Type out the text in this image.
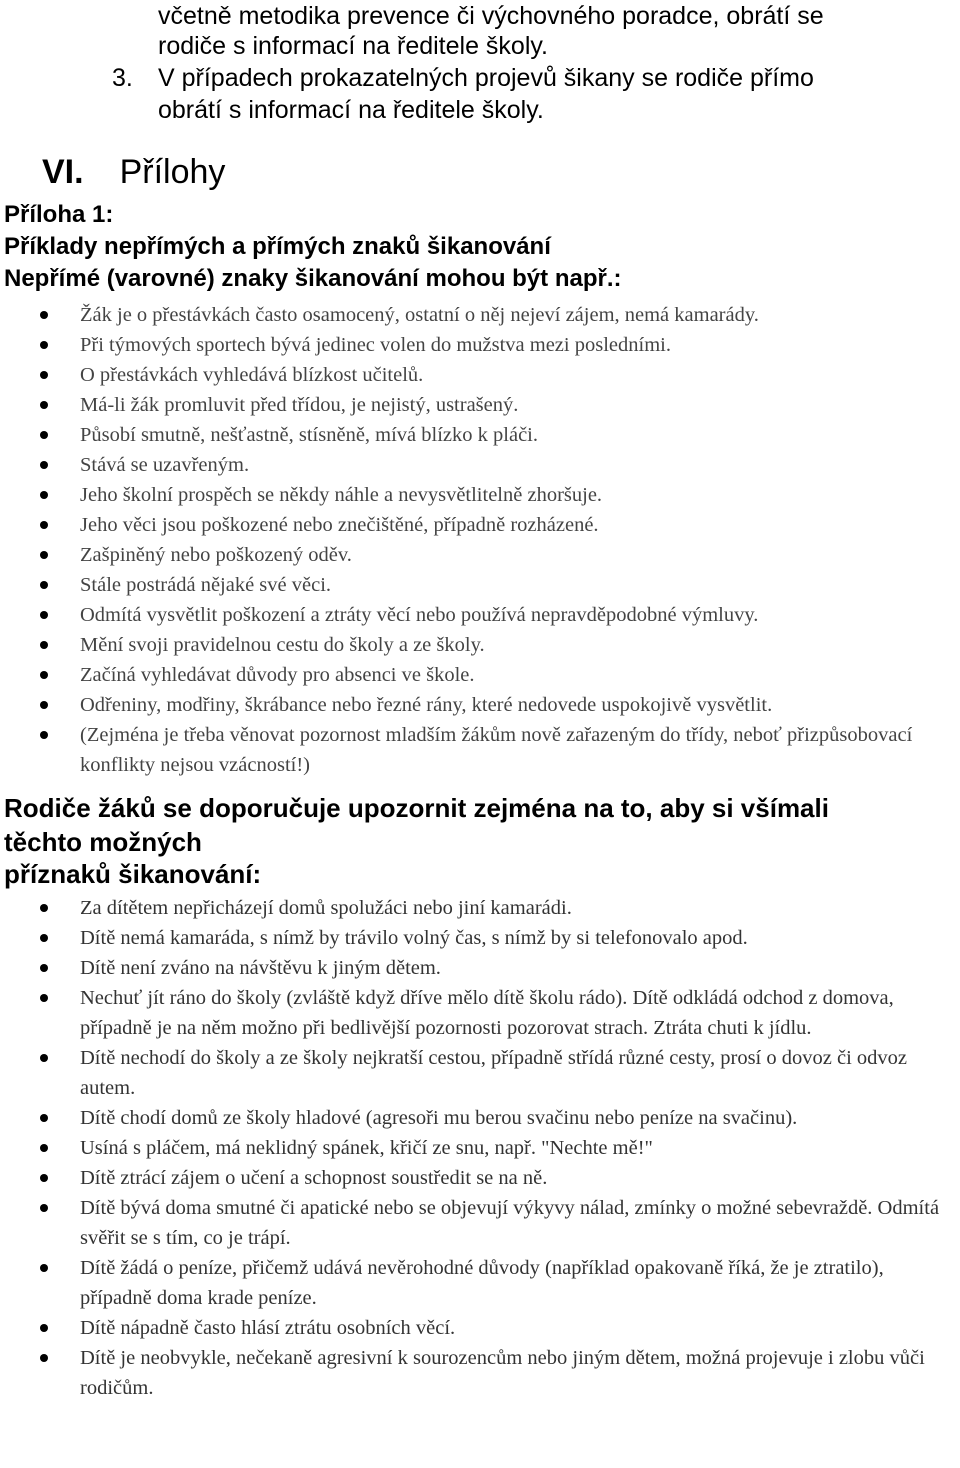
včetně metodika prevence či výchovného poradce, obrátí se
rodiče s informací na ředitele školy.
3. V případech prokazatelných projevů šikany se rodiče přímo
obrátí s informací na ředitele školy.
VI. Přílohy
Příloha 1:
Příklady nepřímých a přímých znaků šikanování
Nepřímé (varovné) znaky šikanování mohou být např.:
Žák je o přestávkách často osamocený, ostatní o něj nejeví zájem, nemá kamarády.
Při týmových sportech bývá jedinec volen do mužstva mezi posledními.
O přestávkách vyhledává blízkost učitelů.
Má-li žák promluvit před třídou, je nejistý, ustrašený.
Působí smutně, nešťastně, stísněně, mívá blízko k pláči.
Stává se uzavřeným.
Jeho školní prospěch se někdy náhle a nevysvětlitelně zhoršuje.
Jeho věci jsou poškozené nebo znečištěné, případně rozházené.
Zašpiněný nebo poškozený oděv.
Stále postrádá nějaké své věci.
Odmítá vysvětlit poškození a ztráty věcí nebo používá nepravděpodobné výmluvy.
Mění svoji pravidelnou cestu do školy a ze školy.
Začíná vyhledávat důvody pro absenci ve škole.
Odřeniny, modřiny, škrábance nebo řezné rány, které nedovede uspokojivě vysvětlit.
(Zejména je třeba věnovat pozornost mladším žákům nově zařazeným do třídy, neboť přizpůsobovací konflikty nejsou vzácností!)
Rodiče žáků se doporučuje upozornit zejména na to, aby si všímali
těchto možných
příznaků šikanování:
Za dítětem nepřicházejí domů spolužáci nebo jiní kamarádi.
Dítě nemá kamaráda, s nímž by trávilo volný čas, s nímž by si telefonovalo apod.
Dítě není zváno na návštěvu k jiným dětem.
Nechuť jít ráno do školy (zvláště když dříve mělo dítě školu rádo). Dítě odkládá odchod z domova, případně je na něm možno při bedlivější pozornosti pozorovat strach. Ztráta chuti k jídlu.
Dítě nechodí do školy a ze školy nejkratší cestou, případně střídá různé cesty, prosí o dovoz či odvoz autem.
Dítě chodí domů ze školy hladové (agresoři mu berou svačinu nebo peníze na svačinu).
Usíná s pláčem, má neklidný spánek, křičí ze snu, např. "Nechte mě!"
Dítě ztrácí zájem o učení a schopnost soustředit se na ně.
Dítě bývá doma smutné či apatické nebo se objevují výkyvy nálad, zmínky o možné sebevraždě. Odmítá svěřit se s tím, co je trápí.
Dítě žádá o peníze, přičemž udává nevěrohodné důvody (například opakovaně říká, že je ztratilo), případně doma krade peníze.
Dítě nápadně často hlásí ztrátu osobních věcí.
Dítě je neobvykle, nečekaně agresivní k sourozencům nebo jiným dětem, možná projevuje i zlobu vůči rodičům.
